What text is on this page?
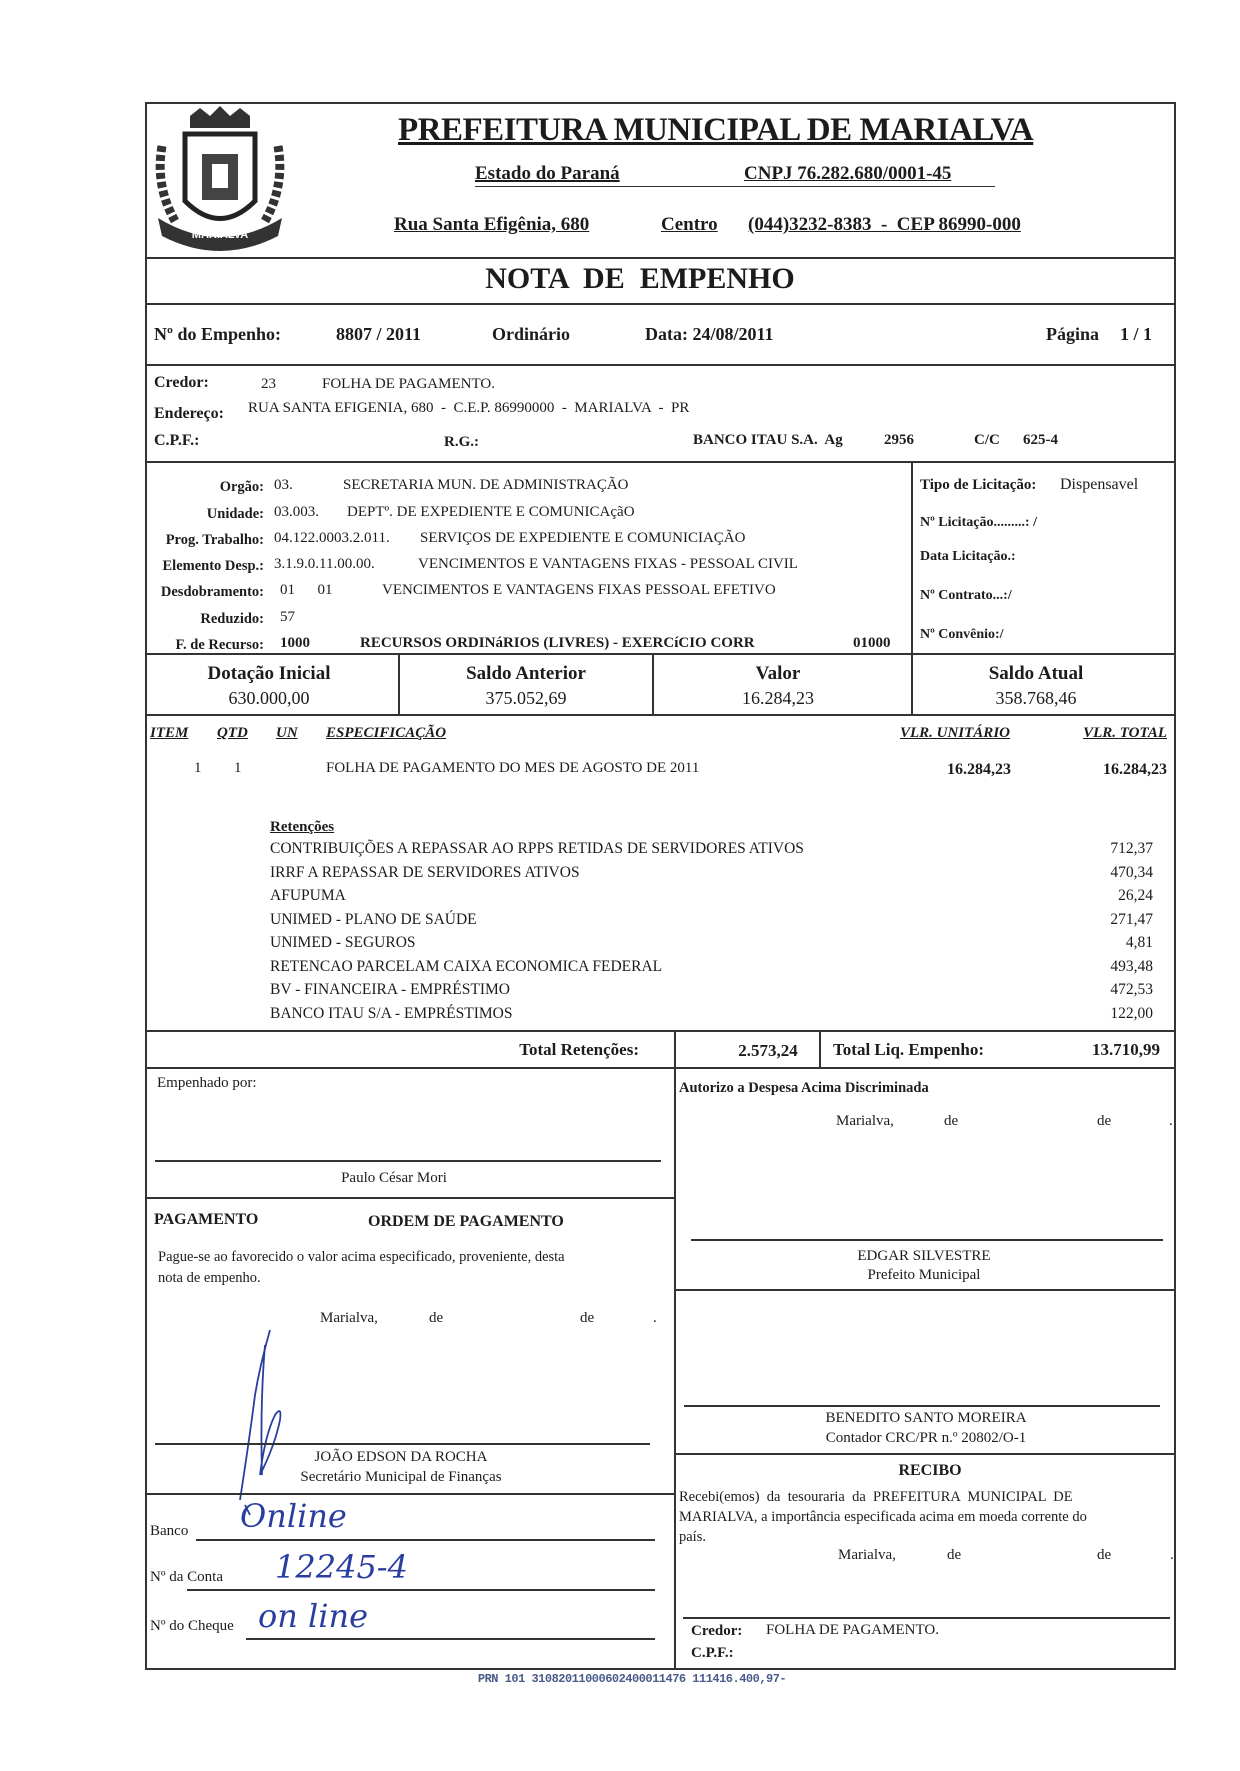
MARIALVA
PREFEITURA MUNICIPAL DE MARIALVA
Estado do Paraná	CNPJ 76.282.680/0001-45
Rua Santa Efigênia, 680	Centro (044)3232-8383  -  CEP 86990-000
NOTA  DE  EMPENHO
Nº do Empenho:	8807 / 2011	Ordinário	Data: 24/08/2011	Página 1 / 1
Credor:	23	FOLHA DE PAGAMENTO.
Endereço: RUA SANTA EFIGENIA, 680  -  C.E.P. 86990000  -  MARIALVA  -  PR
C.P.F.:	R.G.:	BANCO ITAU S.A.  Ag	2956	C/C 625-4
Orgão: 03.	SECRETARIA MUN. DE ADMINISTRAÇÃO
Unidade: 03.003. DEPTº. DE EXPEDIENTE E COMUNICAçãO
Prog. Trabalho: 04.122.0003.2.011. SERVIÇOS DE EXPEDIENTE E COMUNICIAÇÃO
Elemento Desp.: 3.1.9.0.11.00.00.	VENCIMENTOS E VANTAGENS FIXAS - PESSOAL CIVIL
Desdobramento: 01      01	VENCIMENTOS E VANTAGENS FIXAS PESSOAL EFETIVO
Reduzido: 57
F. de Recurso: 1000	RECURSOS ORDINáRIOS (LIVRES) - EXERCíCIO CORR	01000
Tipo de Licitação: Dispensavel
Nº Licitação.........: /
Data Licitação.:
Nº Contrato...:/
Nº Convênio:/
Dotação Inicial
630.000,00
Saldo Anterior
375.052,69
Valor
16.284,23
Saldo Atual
358.768,46
ITEM QTD UN ESPECIFICAÇÃO	VLR. UNITÁRIO	VLR. TOTAL
1 1	FOLHA DE PAGAMENTO DO MES DE AGOSTO DE 2011	16.284,23	16.284,23
Retenções
CONTRIBUIÇÕES A REPASSAR AO RPPS RETIDAS DE SERVIDORES ATIVOS	712,37
IRRF A REPASSAR DE SERVIDORES ATIVOS	470,34
AFUPUMA	26,24
UNIMED - PLANO DE SAÚDE	271,47
UNIMED - SEGUROS	4,81
RETENCAO PARCELAM CAIXA ECONOMICA FEDERAL	493,48
BV - FINANCEIRA - EMPRÉSTIMO	472,53
BANCO ITAU S/A - EMPRÉSTIMOS	122,00
Total Retenções:	2.573,24 Total Liq. Empenho:	13.710,99
Empenhado por:
Paulo César Mori
PAGAMENTO	ORDEM DE PAGAMENTO
Pague-se ao favorecido o valor acima especificado, proveniente, desta
nota de empenho.
Marialva,	de	de	.
JOÃO EDSON DA ROCHA
Secretário Municipal de Finanças
Banco Online
Nº da Conta 12245-4
Nº do Cheque on line
Autorizo a Despesa Acima Discriminada
Marialva,	de	de	.
EDGAR SILVESTRE
Prefeito Municipal
BENEDITO SANTO MOREIRA
Contador CRC/PR n.º 20802/O-1
RECIBO
Recebi(emos)  da  tesouraria  da  PREFEITURA  MUNICIPAL  DE
MARIALVA, a importância especificada acima em moeda corrente do
país.
Marialva,	de	de	.
Credor: FOLHA DE PAGAMENTO.
C.P.F.:
PRN 101 31082011000602400011476 111416.400,97-
